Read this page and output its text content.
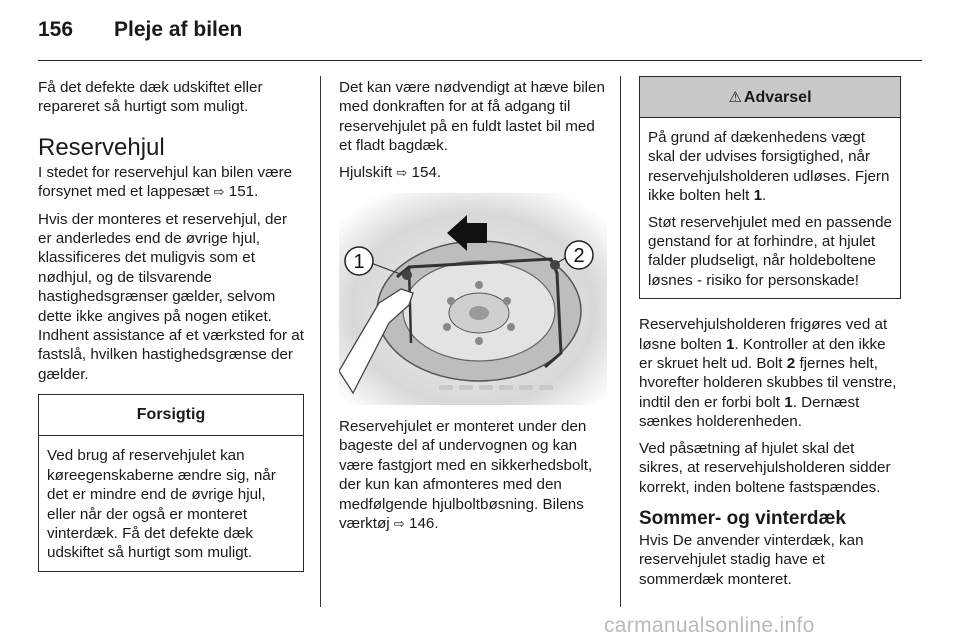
156 Pleje af bilen

Få det defekte dæk udskiftet eller repareret så hurtigt som muligt.

Reservehjul

I stedet for reservehjul kan bilen være forsynet med et lappesæt ⇨ 151.

Hvis der monteres et reservehjul, der er anderledes end de øvrige hjul, klassificeres det muligvis som et nødhjul, og de tilsvarende hastighedsgrænser gælder, selvom dette ikke angives på nogen etiket. Indhent assistance af et værksted for at fastslå, hvilken hastighedsgrænse der gælder.

Forsigtig

Ved brug af reservehjulet kan køreegenskaberne ændre sig, når det er mindre end de øvrige hjul, eller når der også er monteret vinterdæk. Få det defekte dæk udskiftet så hurtigt som muligt.

Det kan være nødvendigt at hæve bilen med donkraften for at få adgang til reservehjulet på en fuldt lastet bil med et fladt bagdæk.

Hjulskift ⇨ 154.

1	2

Reservehjulet er monteret under den bageste del af undervognen og kan være fastgjort med en sikkerhedsbolt, der kun kan afmonteres med den medfølgende hjulboltbøsning. Bilens værktøj ⇨ 146.

⚠ Advarsel

På grund af dækenhedens vægt skal der udvises forsigtighed, når reservehjulsholderen udløses. Fjern ikke bolten helt 1.

Støt reservehjulet med en passende genstand for at forhindre, at hjulet falder pludseligt, når holdeboltene løsnes - risiko for personskade!

Reservehjulsholderen frigøres ved at løsne bolten 1. Kontroller at den ikke er skruet helt ud. Bolt 2 fjernes helt, hvorefter holderen skubbes til venstre, indtil den er forbi bolt 1. Dernæst sænkes holderenheden.

Ved påsætning af hjulet skal det sikres, at reservehjulsholderen sidder korrekt, inden boltene fastspændes.

Sommer- og vinterdæk

Hvis De anvender vinterdæk, kan reservehjulet stadig have et sommerdæk monteret.

carmanualsonline.info
